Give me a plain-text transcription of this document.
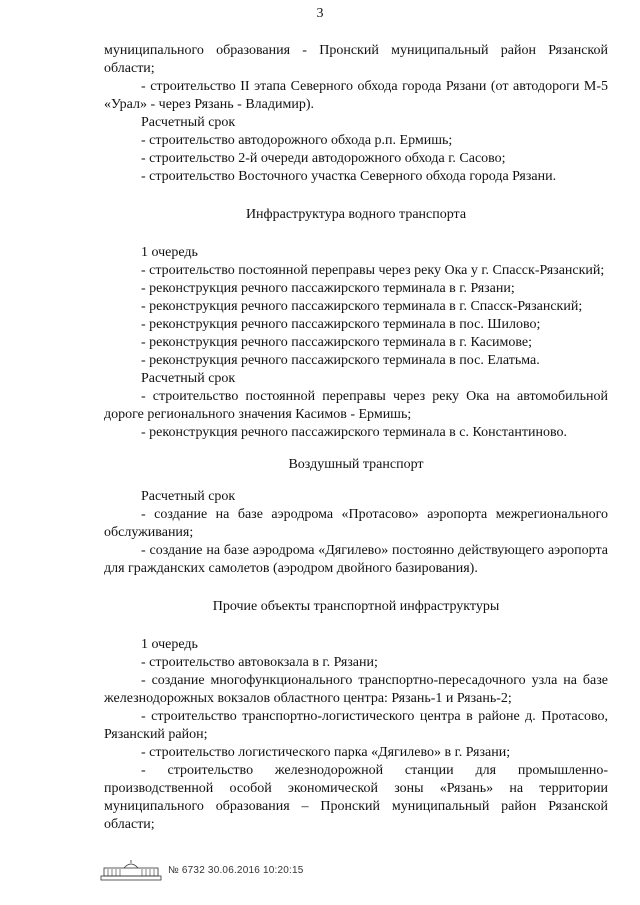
3

муниципального образования - Пронский муниципальный район Рязанской области;

- строительство II этапа Северного обхода города Рязани (от автодороги М-5 «Урал» - через Рязань - Владимир).

Расчетный срок

- строительство автодорожного обхода р.п. Ермишь;

- строительство 2-й очереди автодорожного обхода г. Сасово;

- строительство Восточного участка Северного обхода города Рязани.

Инфраструктура водного транспорта

1 очередь

- строительство постоянной переправы через реку Ока у г. Спасск-Рязанский;

- реконструкция речного пассажирского терминала в г. Рязани;

- реконструкция речного пассажирского терминала в г. Спасск-Рязанский;

- реконструкция речного пассажирского терминала в пос. Шилово;

- реконструкция речного пассажирского терминала в г. Касимове;

- реконструкция речного пассажирского терминала в пос. Елатьма.

Расчетный срок

- строительство постоянной переправы через реку Ока на автомобильной дороге регионального значения Касимов - Ермишь;

- реконструкция речного пассажирского терминала в с. Константиново.

Воздушный транспорт

Расчетный срок

- создание на базе аэродрома «Протасово» аэропорта межрегионального обслуживания;

- создание на базе аэродрома «Дягилево» постоянно действующего аэропорта для гражданских самолетов (аэродром двойного базирования).

Прочие объекты транспортной инфраструктуры

1 очередь

- строительство автовокзала в г. Рязани;

- создание многофункционального транспортно-пересадочного узла на базе железнодорожных вокзалов областного центра: Рязань-1 и Рязань-2;

- строительство транспортно-логистического центра в районе д. Протасово, Рязанский район;

- строительство логистического парка «Дягилево» в г. Рязани;

- строительство железнодорожной станции для промышленно-производственной особой экономической зоны «Рязань» на территории муниципального образования – Пронский муниципальный район Рязанской области;

№ 6732 30.06.2016 10:20:15
